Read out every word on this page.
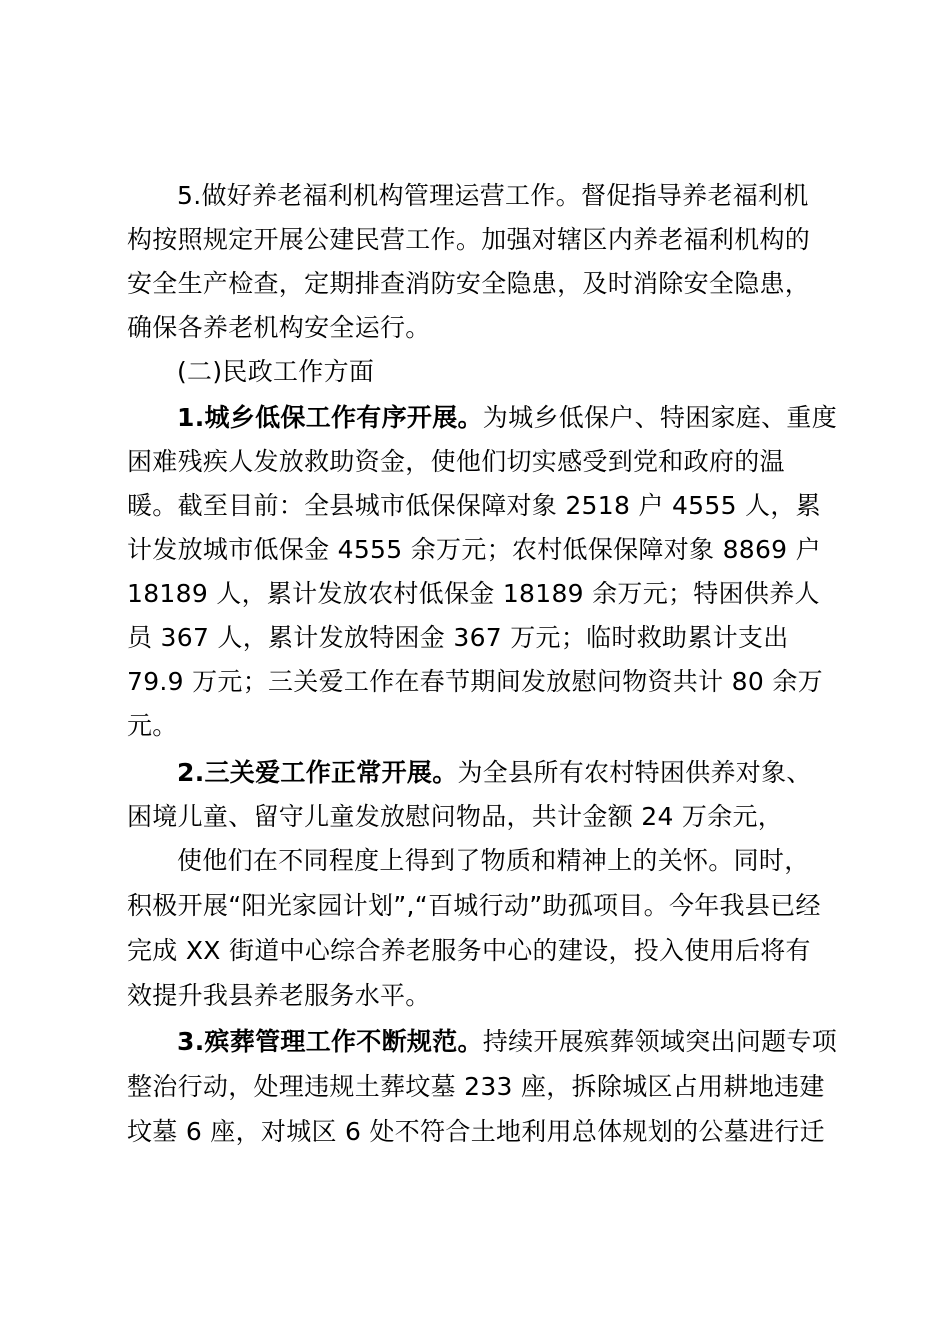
5.做好养老福利机构管理运营工作。督促指导养老福利机
构按照规定开展公建民营工作。加强对辖区内养老福利机构的
安全生产检查，定期排查消防安全隐患，及时消除安全隐患，
确保各养老机构安全运行。
(二)民政工作方面
1.城乡低保工作有序开展。为城乡低保户、特困家庭、重度
困难残疾人发放救助资金，使他们切实感受到党和政府的温
暖。截至目前：全县城市低保保障对象 2518 户 4555 人，累
计发放城市低保金 4555 余万元；农村低保保障对象 8869 户
18189 人，累计发放农村低保金 18189 余万元；特困供养人
员 367 人，累计发放特困金 367 万元；临时救助累计支出
79.9 万元；三关爱工作在春节期间发放慰问物资共计 80 余万
元。
2.三关爱工作正常开展。为全县所有农村特困供养对象、
困境儿童、留守儿童发放慰问物品，共计金额 24 万余元，
使他们在不同程度上得到了物质和精神上的关怀。同时，
积极开展“阳光家园计划”,“百城行动”助孤项目。今年我县已经
完成 XX 街道中心综合养老服务中心的建设，投入使用后将有
效提升我县养老服务水平。
3.殡葬管理工作不断规范。持续开展殡葬领域突出问题专项
整治行动，处理违规土葬坟墓 233 座，拆除城区占用耕地违建
坟墓 6 座，对城区 6 处不符合土地利用总体规划的公墓进行迁
